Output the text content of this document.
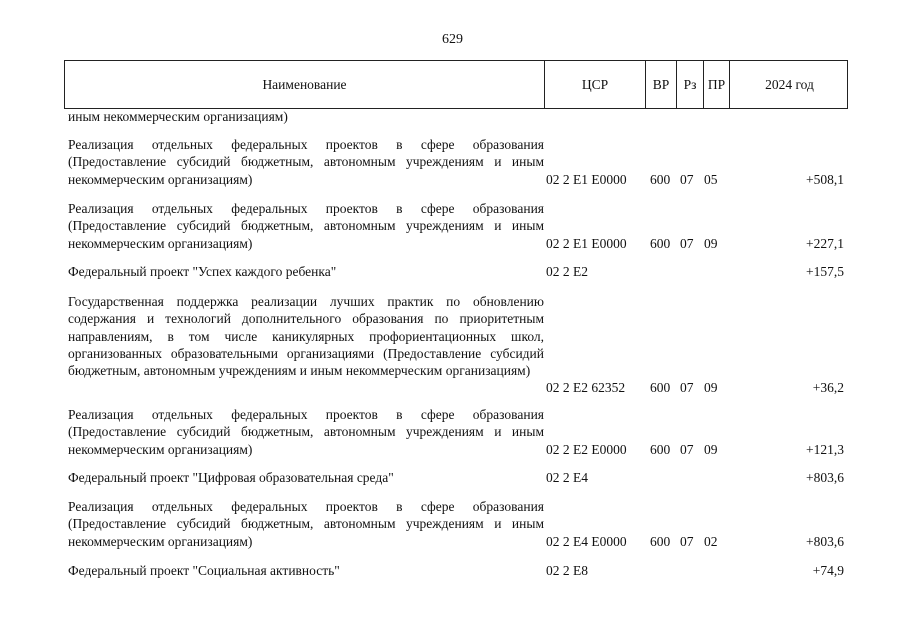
629
Наименование	ЦСР	ВР	Рз ПР	2024 год
иным некоммерческим организациям)
Реализация отдельных федеральных проектов в сфере образования (Предоставление субсидий бюджетным, автономным учреждениям и иным некоммерческим организациям)	02 2 Е1 Е0000 600 07 05	+508,1
Реализация отдельных федеральных проектов в сфере образования (Предоставление субсидий бюджетным, автономным учреждениям и иным некоммерческим организациям)	02 2 Е1 Е0000 600 07 09	+227,1
Федеральный проект "Успех каждого ребенка"	02 2 Е2	+157,5
Государственная поддержка реализации лучших практик по обновлению содержания и технологий дополнительного образования по приоритетным направлениям, в том числе каникулярных профориентационных школ, организованных образовательными организациями (Предоставление субсидий бюджетным, автономным учреждениям и иным некоммерческим организациям)
02 2 Е2 62352 600 07 09	+36,2
Реализация отдельных федеральных проектов в сфере образования (Предоставление субсидий бюджетным, автономным учреждениям и иным некоммерческим организациям)	02 2 Е2 Е0000 600 07 09	+121,3
Федеральный проект "Цифровая образовательная среда"	02 2 Е4	+803,6
Реализация отдельных федеральных проектов в сфере образования (Предоставление субсидий бюджетным, автономным учреждениям и иным некоммерческим организациям)	02 2 Е4 Е0000 600 07 02	+803,6
Федеральный проект "Социальная активность"	02 2 Е8	+74,9
